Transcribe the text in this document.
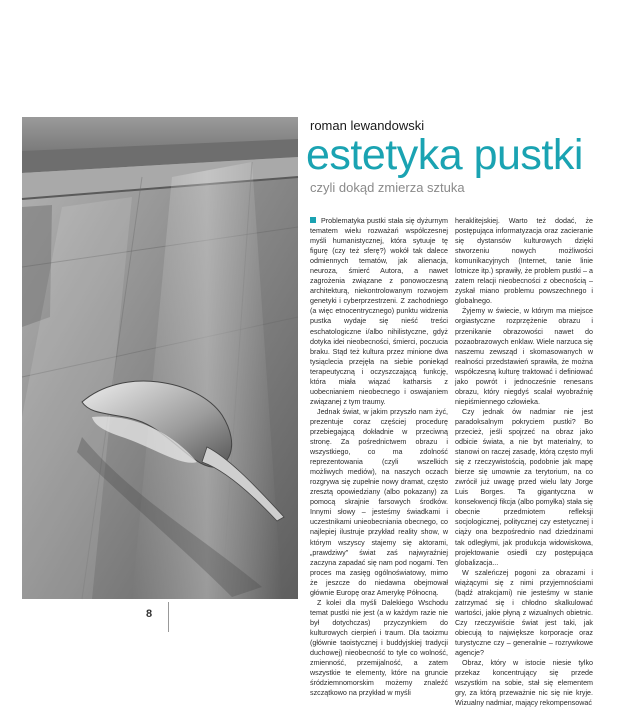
roman lewandowski
estetyka pustki
czyli dokąd zmierza sztuka

Problematyka pustki stała się dyżurnym tematem wielu rozważań współczesnej myśli humanistycznej, która sytuuje tę figurę (czy też sferę?) wokół tak dalece odmiennych tematów, jak alienacja, neuroza, śmierć Autora, a nawet zagrożenia związane z ponowoczesną architekturą, niekontrolowanym rozwojem genetyki i cyberprzestrzeni. Z zachodniego (a więc etnocentrycznego) punktu widzenia pustka wydaje się nieść treści eschatologiczne i/albo nihilistyczne, gdyż dotyka idei nieobecności, śmierci, poczucia braku. Stąd też kultura przez minione dwa tysiąclecia przejęła na siebie poniekąd terapeutyczną i oczyszczającą funkcję, która miała wiązać katharsis z uobecnianiem nieobecnego i oswajaniem związanej z tym traumy.

Jednak świat, w jakim przyszło nam żyć, prezentuje coraz częściej procedurę przebiegającą dokładnie w przeciwną stronę. Za pośrednictwem obrazu i wszystkiego, co ma zdolność reprezentowania (czyli wszelkich możliwych mediów), na naszych oczach rozgrywa się zupełnie nowy dramat, często zresztą opowiedziany (albo pokazany) za pomocą skrajnie farsowych środków. Innymi słowy – jesteśmy świadkami i uczestnikami unieobecniania obecnego, co najlepiej ilustruje przykład reality show, w którym wszyscy stajemy się aktorami, „prawdziwy" świat zaś najwyraźniej zaczyna zapadać się nam pod nogami. Ten proces ma zasięg ogólnoświatowy, mimo że jeszcze do niedawna obejmował głównie Europę oraz Amerykę Północną.

Z kolei dla myśli Dalekiego Wschodu temat pustki nie jest (a w każdym razie nie był dotychczas) przyczynkiem do kulturowych cierpień i traum. Dla taoizmu (głównie taoistycznej i buddyjskiej tradycji duchowej) nieobecność to tyle co wolność, zmienność, przemijalność, a zatem wszystkie te elementy, które na gruncie śródziemnomorskim możemy znaleźć szczątkowo na przykład w myśli

heraklitejskiej. Warto też dodać, że postępująca informatyzacja oraz zacieranie się dystansów kulturowych dzięki stworzeniu nowych możliwości komunikacyjnych (Internet, tanie linie lotnicze itp.) sprawiły, że problem pustki – a zatem relacji nieobecności z obecnością – zyskał miano problemu powszechnego i globalnego.

Żyjemy w świecie, w którym ma miejsce orgiastyczne rozprzężenie obrazu i przenikanie obrazowości nawet do pozaobrazowych enklaw. Wiele narzuca się naszemu zewsząd i skomasowanych w realności przedstawień sprawiła, że można współczesną kulturę traktować i definiować jako powrót i jednocześnie renesans obrazu, który niegdyś scalał wyobraźnię niepiśmiennego człowieka.

Czy jednak ów nadmiar nie jest paradoksalnym pokryciem pustki? Bo przecież, jeśli spojrzeć na obraz jako odbicie świata, a nie byt materialny, to stanowi on raczej zasadę, którą często myli się z rzeczywistością, podobnie jak mapę bierze się umownie za terytorium, na co zwrócił już uwagę przed wielu laty Jorge Luis Borges. Ta gigantyczna w konsekwencji fikcja (albo pomyłka) stała się obecnie przedmiotem refleksji socjologicznej, politycznej czy estetycznej i ciąży ona bezpośrednio nad dziedzinami tak odległymi, jak produkcja widowiskowa, projektowanie osiedli czy postępująca globalizacja...

W szaleńczej pogoni za obrazami i wiążącymi się z nimi przyjemnościami (bądź atrakcjami) nie jesteśmy w stanie zatrzymać się i chłodno skalkulować wartości, jakie płyną z wizualnych obietnic. Czy rzeczywiście świat jest taki, jak obiecują to największe korporacje oraz turystyczne czy – generalnie – rozrywkowe agencje?

Obraz, który w istocie niesie tylko przekaz koncentrujący się przede wszystkim na sobie, stał się elementem gry, za którą przeważnie nic się nie kryje. Wizualny nadmiar, mający rekompensować

8
